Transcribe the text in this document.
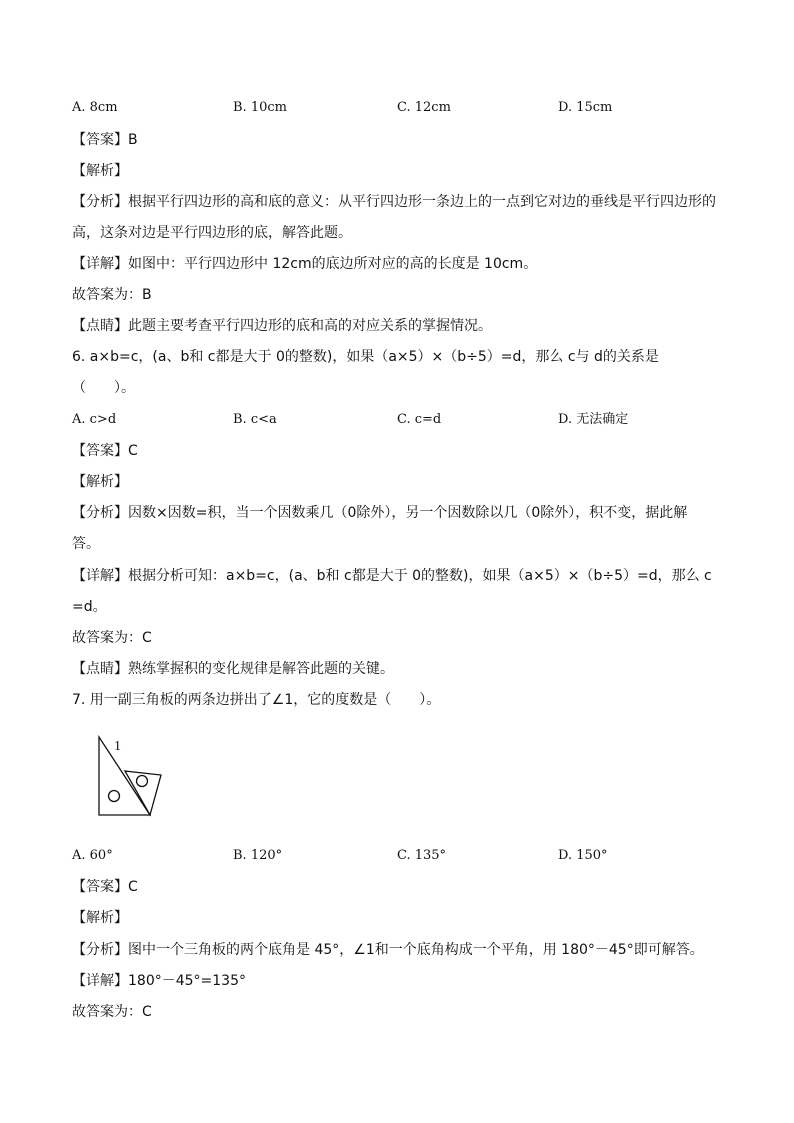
A. 8cm	B. 10cm	C. 12cm	D. 15cm
【答案】B
【解析】
【分析】根据平行四边形的高和底的意义：从平行四边形一条边上的一点到它对边的垂线是平行四边形的
高，这条对边是平行四边形的底，解答此题。
【详解】如图中：平行四边形中 12cm的底边所对应的高的长度是 10cm。
故答案为：B
【点睛】此题主要考查平行四边形的底和高的对应关系的掌握情况。
6. a×b=c，(a、b和 c都是大于 0的整数)，如果（a×5）×（b÷5）=d，那么 c与 d的关系是
（　　）。
A. c>d	B. c<a	C. c=d	D. 无法确定
【答案】C
【解析】
【分析】因数×因数=积，当一个因数乘几（0除外），另一个因数除以几（0除外），积不变，据此解
答。
【详解】根据分析可知：a×b=c，(a、b和 c都是大于 0的整数)，如果（a×5）×（b÷5）=d，那么 c
=d。
故答案为：C
【点睛】熟练掌握积的变化规律是解答此题的关键。
7. 用一副三角板的两条边拼出了∠1，它的度数是（　　）。
1
A. 60°	B. 120°	C. 135°	D. 150°
【答案】C
【解析】
【分析】图中一个三角板的两个底角是 45°，∠1和一个底角构成一个平角，用 180°－45°即可解答。
【详解】180°－45°=135°
故答案为：C
